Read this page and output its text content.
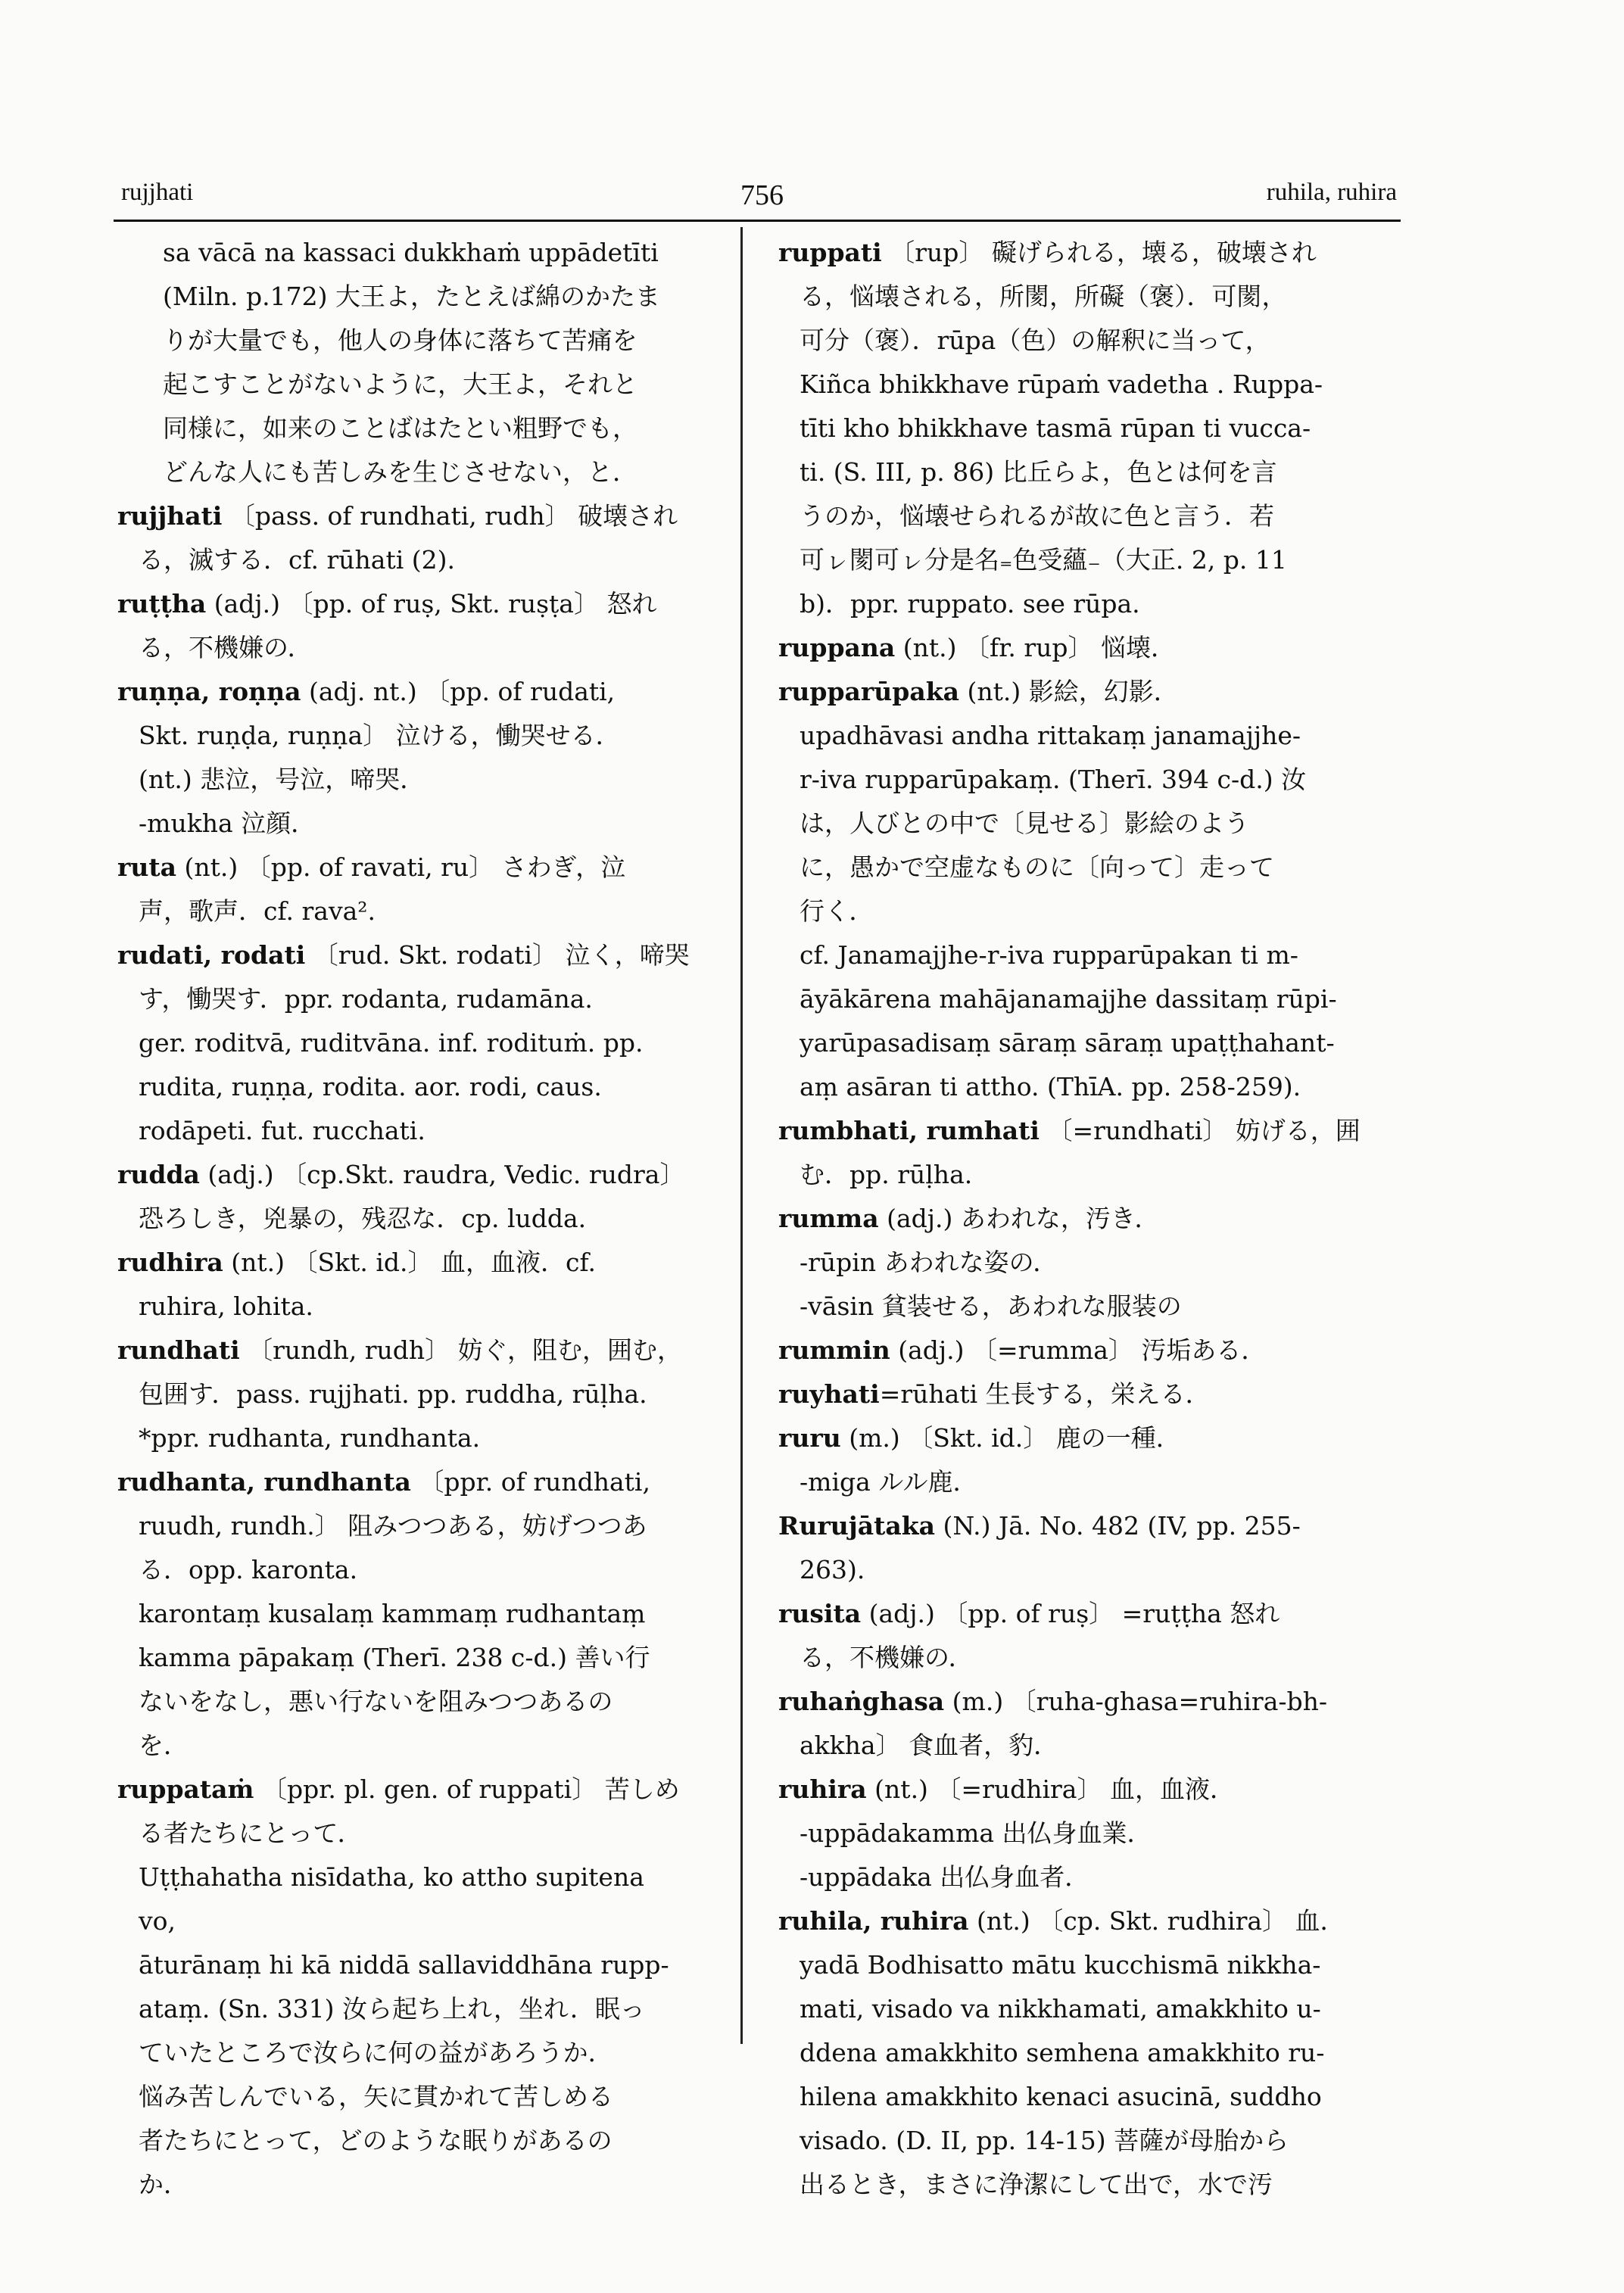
rujjhati	756	ruhila, ruhira
sa vācā na kassaci dukkhaṁ uppādetīti
(Miln. p.172) 大王よ，たとえば綿のかたま
りが大量でも，他人の身体に落ちて苦痛を
起こすことがないように，大王よ，それと
同様に，如来のことばはたとい粗野でも，
どんな人にも苦しみを生じさせない，と．
rujjhati 〔pass. of rundhati, rudh〕 破壊され
る，滅する．cf. rūhati (2).
ruṭṭha (adj.) 〔pp. of ruṣ, Skt. ruṣṭa〕 怒れ
る，不機嫌の．
ruṇṇa, roṇṇa (adj. nt.) 〔pp. of rudati,
Skt. ruṇḍa, ruṇṇa〕 泣ける，慟哭せる．
(nt.) 悲泣，号泣，啼哭．
-mukha 泣顔．
ruta (nt.) 〔pp. of ravati, ru〕 さわぎ，泣
声，歌声．cf. rava².
rudati, rodati 〔rud. Skt. rodati〕 泣く，啼哭
す，慟哭す．ppr. rodanta, rudamāna.
ger. roditvā, ruditvāna. inf. rodituṁ. pp.
rudita, ruṇṇa, rodita. aor. rodi, caus.
rodāpeti. fut. rucchati.
rudda (adj.) 〔cp.Skt. raudra, Vedic. rudra〕
恐ろしき，兇暴の，残忍な．cp. ludda.
rudhira (nt.) 〔Skt. id.〕 血，血液．cf.
ruhira, lohita.
rundhati 〔rundh, rudh〕 妨ぐ，阻む，囲む，
包囲す．pass. rujjhati. pp. ruddha, rūḷha.
*ppr. rudhanta, rundhanta.
rudhanta, rundhanta 〔ppr. of rundhati,
ruudh, rundh.〕 阻みつつある，妨げつつあ
る．opp. karonta.
karontaṃ kusalaṃ kammaṃ rudhantaṃ
kamma pāpakaṃ (Therī. 238 c-d.) 善い行
ないをなし，悪い行ないを阻みつつあるの
を．
ruppataṁ 〔ppr. pl. gen. of ruppati〕 苦しめ
る者たちにとって．
Uṭṭhahatha nisīdatha, ko attho supitena
vo,
āturānaṃ hi kā niddā sallaviddhāna rupp-
ataṃ. (Sn. 331) 汝ら起ち上れ，坐れ．眠っ
ていたところで汝らに何の益があろうか．
悩み苦しんでいる，矢に貫かれて苦しめる
者たちにとって，どのような眠りがあるの
か．
ruppati 〔rup〕 礙げられる，壊る，破壊され
る，悩壊される，所閡，所礙（褒）．可閡，
可分（褒）．rūpa（色）の解釈に当って，
Kiñca bhikkhave rūpaṁ vadetha . Ruppa-
tīti kho bhikkhave tasmā rūpan ti vucca-
ti. (S. III, p. 86) 比丘らよ，色とは何を言
うのか，悩壊せられるが故に色と言う．若
可ㇾ閡可ㇾ分是名₌色受蘊₋（大正. 2, p. 11
b)．ppr. ruppato. see rūpa.
ruppana (nt.) 〔fr. rup〕 悩壊．
rupparūpaka (nt.) 影絵，幻影．
upadhāvasi andha rittakaṃ janamajjhe-
r-iva rupparūpakaṃ. (Therī. 394 c-d.) 汝
は，人びとの中で〔見せる〕影絵のよう
に，愚かで空虚なものに〔向って〕走って
行く．
cf. Janamajjhe-r-iva rupparūpakan ti m-
āyākārena mahājanamajjhe dassitaṃ rūpi-
yarūpasadisaṃ sāraṃ sāraṃ upaṭṭhahant-
aṃ asāran ti attho. (ThīA. pp. 258-259).
rumbhati, rumhati 〔=rundhati〕 妨げる，囲
む．pp. rūḷha.
rumma (adj.) あわれな，汚き．
-rūpin あわれな姿の．
-vāsin 貧装せる，あわれな服装の
rummin (adj.) 〔=rumma〕 汚垢ある．
ruyhati=rūhati 生長する，栄える．
ruru (m.) 〔Skt. id.〕 鹿の一種．
-miga ルル鹿．
Rurujātaka (N.) Jā. No. 482 (IV, pp. 255-
263).
rusita (adj.) 〔pp. of ruṣ〕 =ruṭṭha 怒れ
る，不機嫌の．
ruhaṅghasa (m.) 〔ruha-ghasa=ruhira-bh-
akkha〕 食血者，豹．
ruhira (nt.) 〔=rudhira〕 血，血液．
-uppādakamma 出仏身血業．
-uppādaka 出仏身血者．
ruhila, ruhira (nt.) 〔cp. Skt. rudhira〕 血．
yadā Bodhisatto mātu kucchismā nikkha-
mati, visado va nikkhamati, amakkhito u-
ddena amakkhito semhena amakkhito ru-
hilena amakkhito kenaci asucinā, suddho
visado. (D. II, pp. 14-15) 菩薩が母胎から
出るとき，まさに浄潔にして出で，水で汚
